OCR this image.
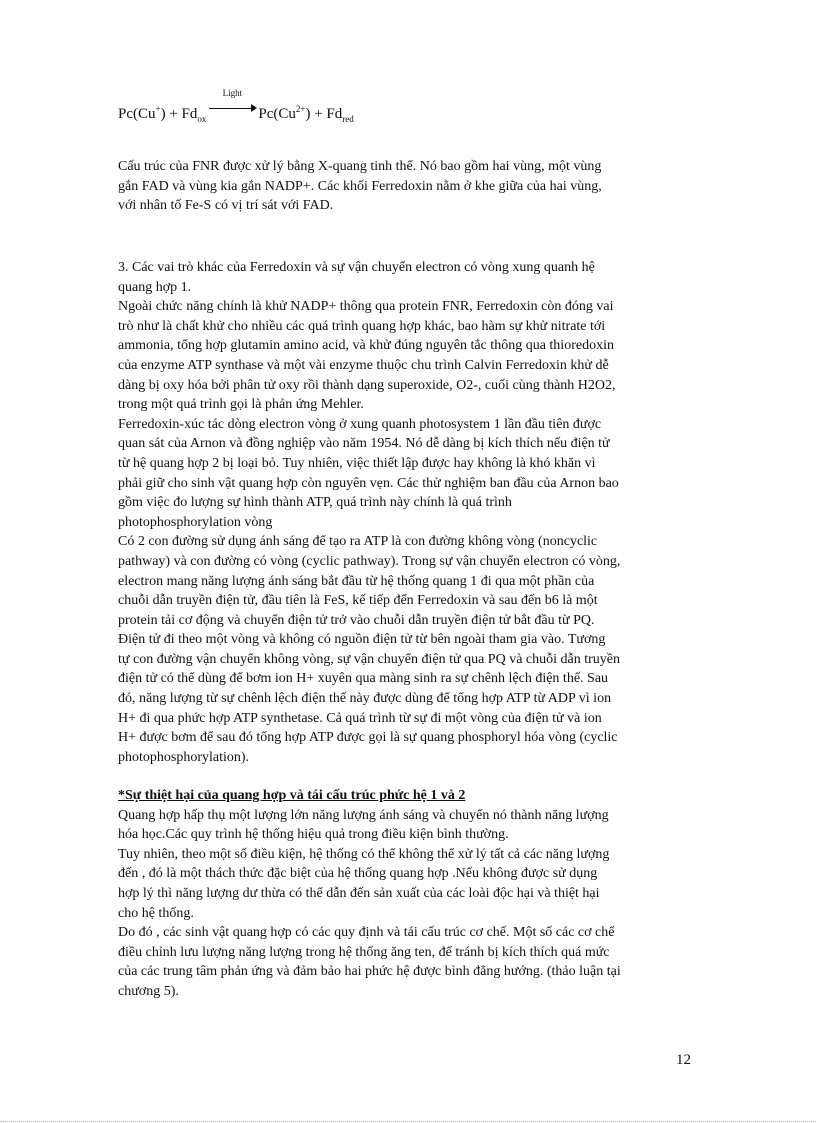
$Pc(Cu^+) + Fd_{ox}$
Light
$Pc(Cu^{2+}) + Fd_{red}$
Cấu trúc của FNR được xử lý bằng X-quang tinh thể. Nó bao gồm hai vùng, một vùng
gắn FAD và vùng kia gắn NADP+. Các khối Ferredoxin nằm ở khe giữa của hai vùng,
với nhân tố Fe-S có vị trí sát với FAD.
3. Các vai trò khác của Ferredoxin và sự vận chuyển electron có vòng xung quanh hệ
quang hợp 1.
Ngoài chức năng chính là khử NADP+ thông qua protein FNR, Ferredoxin còn đóng vai
trò như là chất khử cho nhiều các quá trình quang hợp khác, bao hàm sự khử nitrate tới
ammonia, tổng hợp glutamin amino acid, và khử đúng nguyên tắc thông qua thioredoxin
của enzyme ATP synthase và một vài enzyme thuộc chu trình Calvin Ferredoxin khử dễ
dàng bị oxy hóa bởi phân tử oxy rồi thành dạng superoxide, O2-, cuối cùng thành H2O2,
trong một quá trình gọi là phản ứng Mehler.
Ferredoxin-xúc tác dòng electron vòng ở xung quanh photosystem 1 lần đầu tiên được
quan sát của Arnon và đồng nghiệp vào năm 1954. Nó dễ dàng bị kích thích nếu điện tử
từ hệ quang hợp 2 bị loại bỏ. Tuy nhiên, việc thiết lập được hay không là khó khăn vì
phải giữ cho sinh vật quang hợp còn nguyên vẹn. Các thử nghiệm ban đầu của Arnon bao
gồm việc đo lượng sự hình thành ATP, quá trình này chính là quá trình
photophosphorylation vòng
Có 2 con đường sử dụng ánh sáng để tạo ra ATP là con đường không vòng (noncyclic
pathway) và con đường có vòng (cyclic pathway). Trong sự vận chuyển electron có vòng,
electron mang năng lượng ánh sáng bắt đầu từ hệ thống quang 1 đi qua một phần của
chuỗi dẫn truyền điện tử, đầu tiên là FeS, kế tiếp đến Ferredoxin và sau đến b6 là một
protein tải cơ động và chuyển điện tử trở vào chuỗi dẫn truyền điện tử bắt đầu từ PQ.
Điện tử đi theo một vòng và không có nguồn điện tử từ bên ngoài tham gia vào. Tương
tự con đường vận chuyển không vòng, sự vận chuyển điện tử qua PQ và chuỗi dẫn truyền
điện tử có thể dùng để bơm ion H+ xuyên qua màng sinh ra sự chênh lệch điện thế. Sau
đó, năng lượng từ sự chênh lệch điện thế này được dùng để tổng hợp ATP từ ADP vì ion
H+ đi qua phức hợp ATP synthetase. Cả quá trình từ sự đi một vòng của điện tử và ion
H+ được bơm để sau đó tổng hợp ATP được gọi là sự quang phosphoryl hóa vòng (cyclic
photophosphorylation).
*Sự thiệt hại của quang hợp và tái cấu trúc phức hệ 1 và 2
Quang hợp hấp thụ một lượng lớn năng lượng ánh sáng và chuyển nó thành năng lượng
hóa học.Các quy trình hệ thống hiệu quả trong điều kiện bình thường.
Tuy nhiên, theo một số điều kiện, hệ thống có thể không thể xử lý tất cả các năng lượng
đến , đó là một thách thức đặc biệt của hệ thống quang hợp .Nếu không được sử dụng
hợp lý thì năng lượng dư thừa có thể dẫn đến sản xuất của các loài độc hại và thiệt hại
cho hệ thống.
Do đó , các sinh vật quang hợp có các quy định và tái cấu trúc cơ chế. Một số các cơ chế
điều chỉnh lưu lượng năng lượng trong hệ thống ăng ten, để tránh bị kích thích quá mức
của các trung tâm phản ứng và đảm bảo hai phức hệ được bình đẳng hướng. (thảo luận tại
chương 5).
12
